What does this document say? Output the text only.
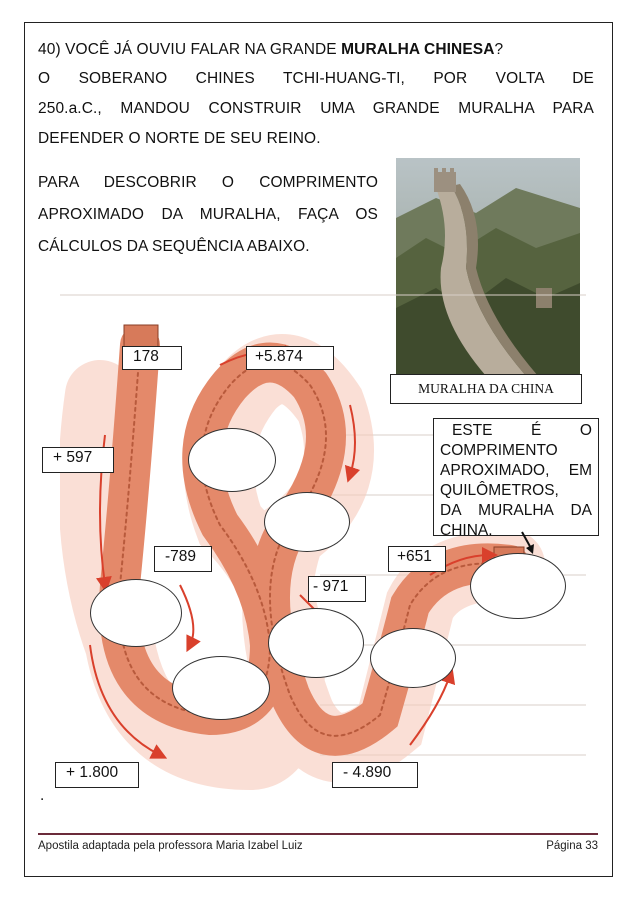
40) VOCÊ JÁ OUVIU FALAR NA GRANDE MURALHA CHINESA?
O SOBERANO CHINES TCHI-HUANG-TI, POR VOLTA DE
250.a.C., MANDOU CONSTRUIR UMA GRANDE MURALHA PARA
DEFENDER O NORTE DE SEU REINO.
PARA DESCOBRIR O COMPRIMENTO
APROXIMADO DA MURALHA, FAÇA OS
CÁLCULOS DA SEQUÊNCIA ABAIXO.
MURALHA DA CHINA
ESTE É O
COMPRIMENTO
APROXIMADO, EM
QUILÔMETROS,
DA MURALHA DA
CHINA.
178	+5.874
+ 597
-789
- 971
+651
+ 1.800	- 4.890
.
Apostila adaptada pela professora Maria Izabel Luiz	Página 33
